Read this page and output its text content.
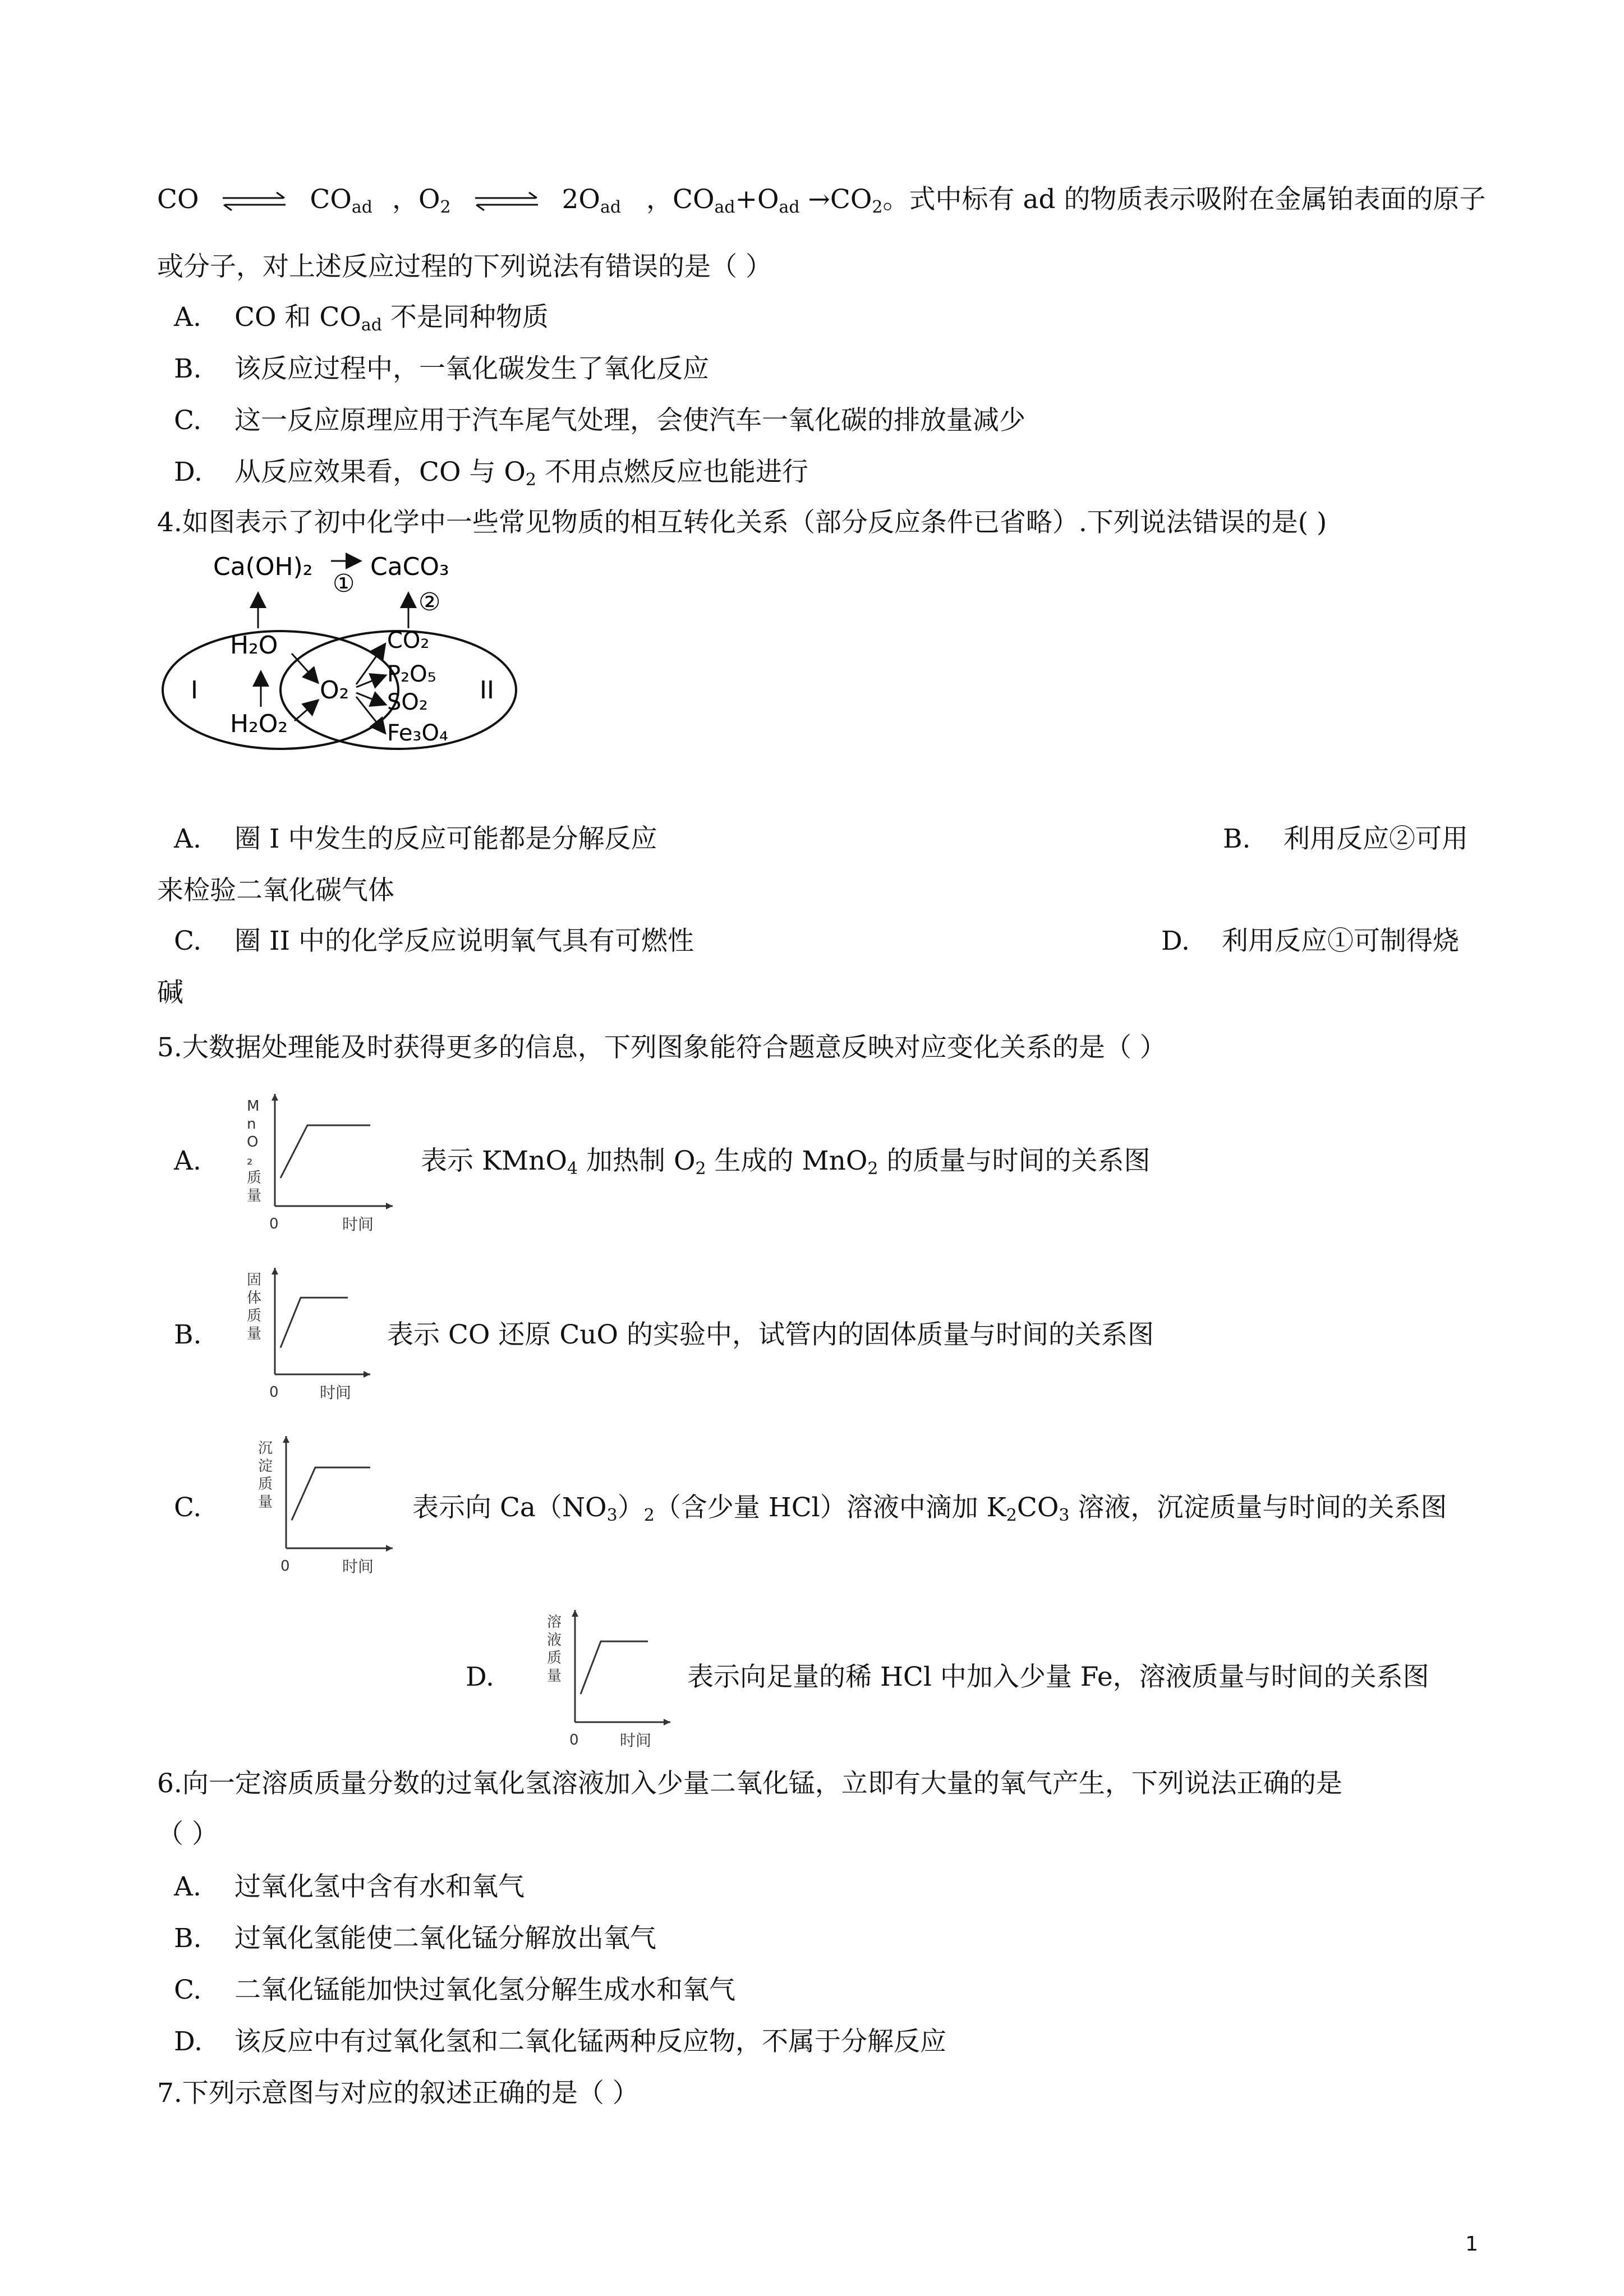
CO ⇌ $CO_{ad}$ ，$O_2$ ⇌ $2O_{ad}$ ，$CO_{ad}+O_{ad} \to CO_2$。式中标有 ad 的物质表示吸附在金属铂表面的原子
或分子，对上述反应过程的下列说法有错误的是（ ）
A. CO 和 $CO_{ad}$ 不是同种物质
B. 该反应过程中，一氧化碳发生了氧化反应
C. 这一反应原理应用于汽车尾气处理，会使汽车一氧化碳的排放量减少
D. 从反应效果看，CO 与 $O_2$ 不用点燃反应也能进行
4.如图表示了初中化学中一些常见物质的相互转化关系（部分反应条件已省略）.下列说法错误的是( )
I	II
Ca(OH)₂ CaCO₃
①
②
H₂O
H₂O₂
O₂
CO₂
P₂O₅
SO₂
Fe₃O₄
A. 圈 I 中发生的反应可能都是分解反应	B. 利用反应②可用
来检验二氧化碳气体
C. 圈 II 中的化学反应说明氧气具有可燃性	D. 利用反应①可制得烧
碱
5.大数据处理能及时获得更多的信息，下列图象能符合题意反映对应变化关系的是（ ）
A.
0	时间
M
n
O
₂
质
量
表示 KMnO$_4$ 加热制 $O_2$ 生成的 MnO$_2$ 的质量与时间的关系图
B.
0	时间
固
体
质
量	表示 CO 还原 CuO 的实验中，试管内的固体质量与时间的关系图
C.
0	时间
沉
淀
质
量	表示向 $Ca(NO_3)_2$（含少量 HCl）溶液中滴加 $K_2CO_3$ 溶液，沉淀质量与时间的关系图
D.
0	时间
溶
液
质
量	表示向足量的稀 HCl 中加入少量 Fe，溶液质量与时间的关系图
6.向一定溶质质量分数的过氧化氢溶液加入少量二氧化锰，立即有大量的氧气产生，下列说法正确的是
（ ）
A. 过氧化氢中含有水和氧气
B. 过氧化氢能使二氧化锰分解放出氧气
C. 二氧化锰能加快过氧化氢分解生成水和氧气
D. 该反应中有过氧化氢和二氧化锰两种反应物，不属于分解反应
7.下列示意图与对应的叙述正确的是（ ）
1
